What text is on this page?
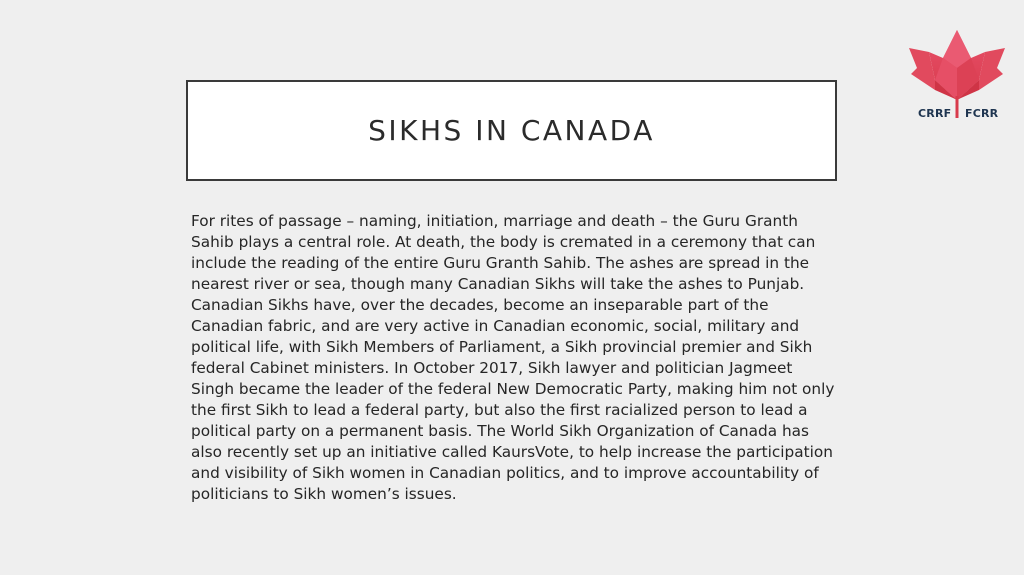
CRRF FCRR
SIKHS IN CANADA

For rites of passage – naming, initiation, marriage and death – the Guru Granth Sahib plays a central role. At death, the body is cremated in a ceremony that can include the reading of the entire Guru Granth Sahib. The ashes are spread in the nearest river or sea, though many Canadian Sikhs will take the ashes to Punjab. Canadian Sikhs have, over the decades, become an inseparable part of the Canadian fabric, and are very active in Canadian economic, social, military and political life, with Sikh Members of Parliament, a Sikh provincial premier and Sikh federal Cabinet ministers. In October 2017, Sikh lawyer and politician Jagmeet Singh became the leader of the federal New Democratic Party, making him not only the first Sikh to lead a federal party, but also the first racialized person to lead a political party on a permanent basis. The World Sikh Organization of Canada has also recently set up an initiative called KaursVote, to help increase the participation and visibility of Sikh women in Canadian politics, and to improve accountability of politicians to Sikh women’s issues.
